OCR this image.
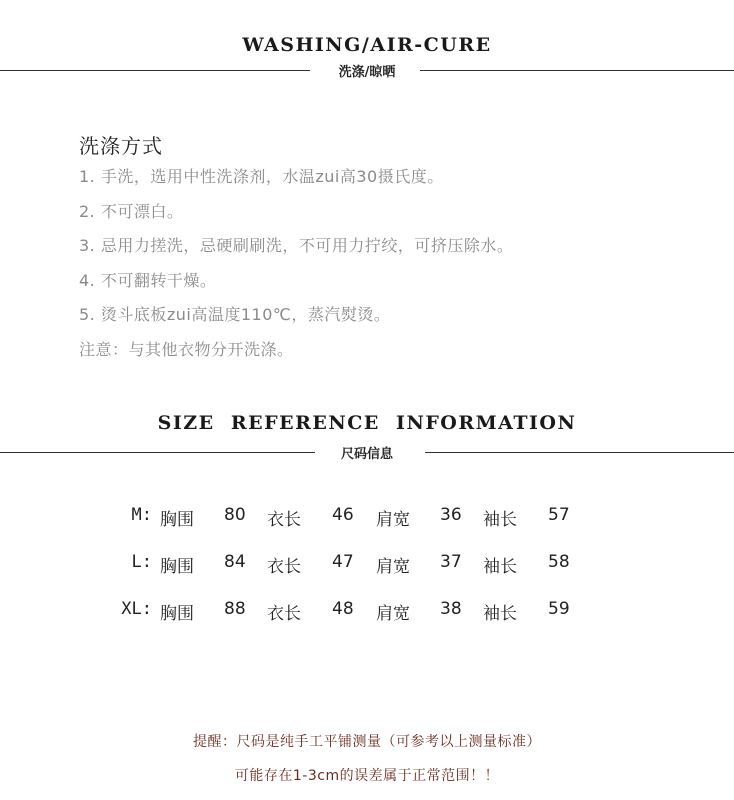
WASHING/AIR-CURE
洗涤/晾晒
洗涤方式
1. 手洗，选用中性洗涤剂，水温zui高30摄氏度。
2. 不可漂白。
3. 忌用力搓洗，忌硬刷刷洗，不可用力拧绞，可挤压除水。
4. 不可翻转干燥。
5. 烫斗底板zui高温度110℃，蒸汽熨烫。
注意：与其他衣物分开洗涤。
SIZE  REFERENCE  INFORMATION
尺码信息
M: 胸围 80 衣长 46 肩宽 36 袖长 57
L: 胸围 84 衣长 47 肩宽 37 袖长 58
XL: 胸围 88 衣长 48 肩宽 38 袖长 59
提醒：尺码是纯手工平铺测量（可参考以上测量标准）
可能存在1-3cm的误差属于正常范围！！
